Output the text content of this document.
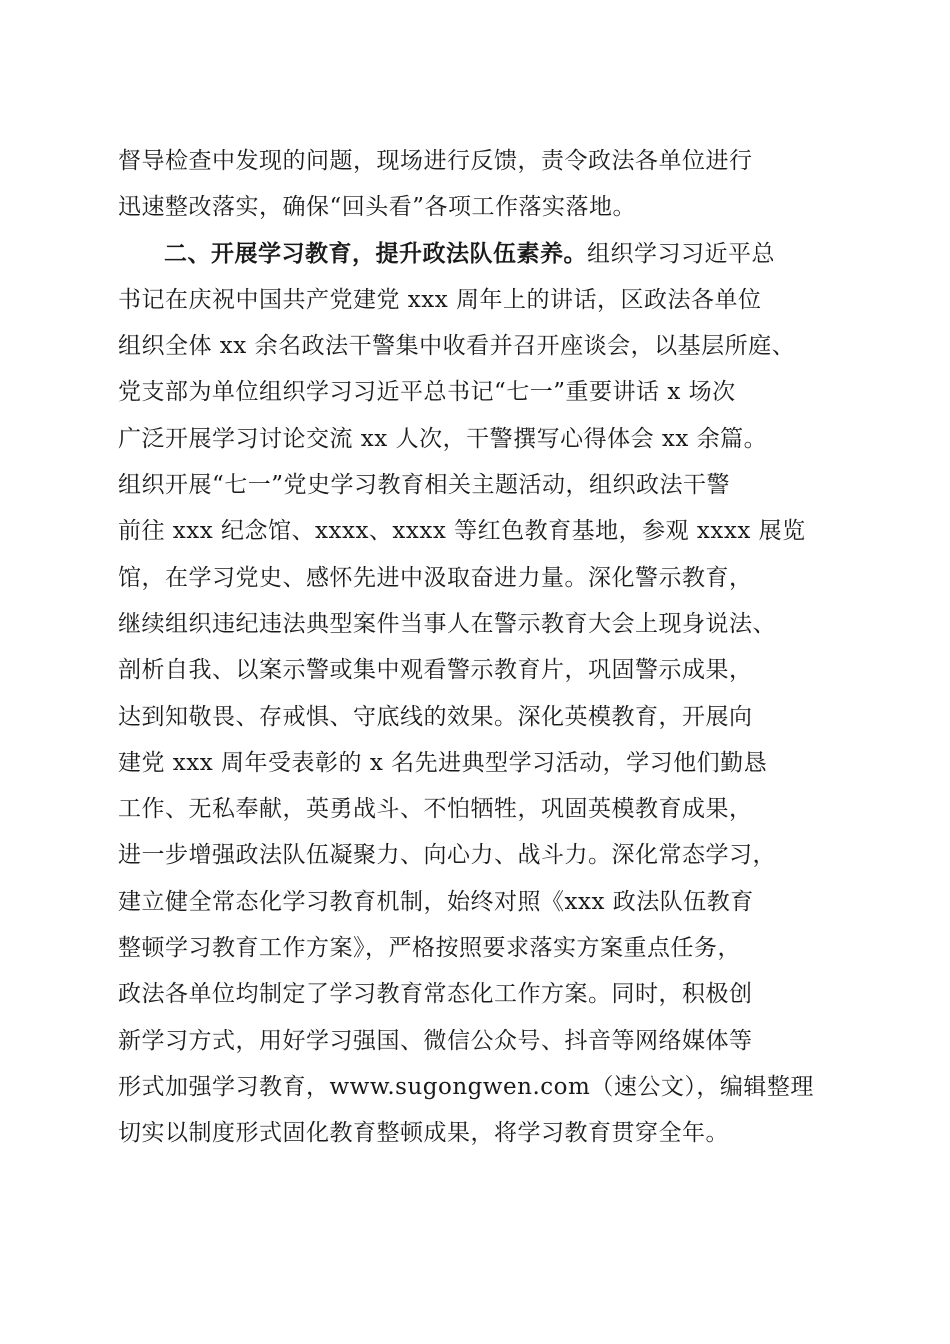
督导检查中发现的问题，现场进行反馈，责令政法各单位进行
迅速整改落实，确保“回头看”各项工作落实落地。
二、开展学习教育，提升政法队伍素养。组织学习习近平总
书记在庆祝中国共产党建党 xxx 周年上的讲话，区政法各单位
组织全体 xx 余名政法干警集中收看并召开座谈会，以基层所庭、
党支部为单位组织学习习近平总书记“七一”重要讲话 x 场次
广泛开展学习讨论交流 xx 人次，干警撰写心得体会 xx 余篇。
组织开展“七一”党史学习教育相关主题活动，组织政法干警
前往 xxx 纪念馆、xxxx、xxxx 等红色教育基地，参观 xxxx 展览
馆，在学习党史、感怀先进中汲取奋进力量。深化警示教育，
继续组织违纪违法典型案件当事人在警示教育大会上现身说法、
剖析自我、以案示警或集中观看警示教育片，巩固警示成果，
达到知敬畏、存戒惧、守底线的效果。深化英模教育，开展向
建党 xxx 周年受表彰的 x 名先进典型学习活动，学习他们勤恳
工作、无私奉献，英勇战斗、不怕牺牲，巩固英模教育成果，
进一步增强政法队伍凝聚力、向心力、战斗力。深化常态学习，
建立健全常态化学习教育机制，始终对照《xxx 政法队伍教育
整顿学习教育工作方案》，严格按照要求落实方案重点任务，
政法各单位均制定了学习教育常态化工作方案。同时，积极创
新学习方式，用好学习强国、微信公众号、抖音等网络媒体等
形式加强学习教育，www.sugongwen.com（速公文），编辑整理
切实以制度形式固化教育整顿成果，将学习教育贯穿全年。
